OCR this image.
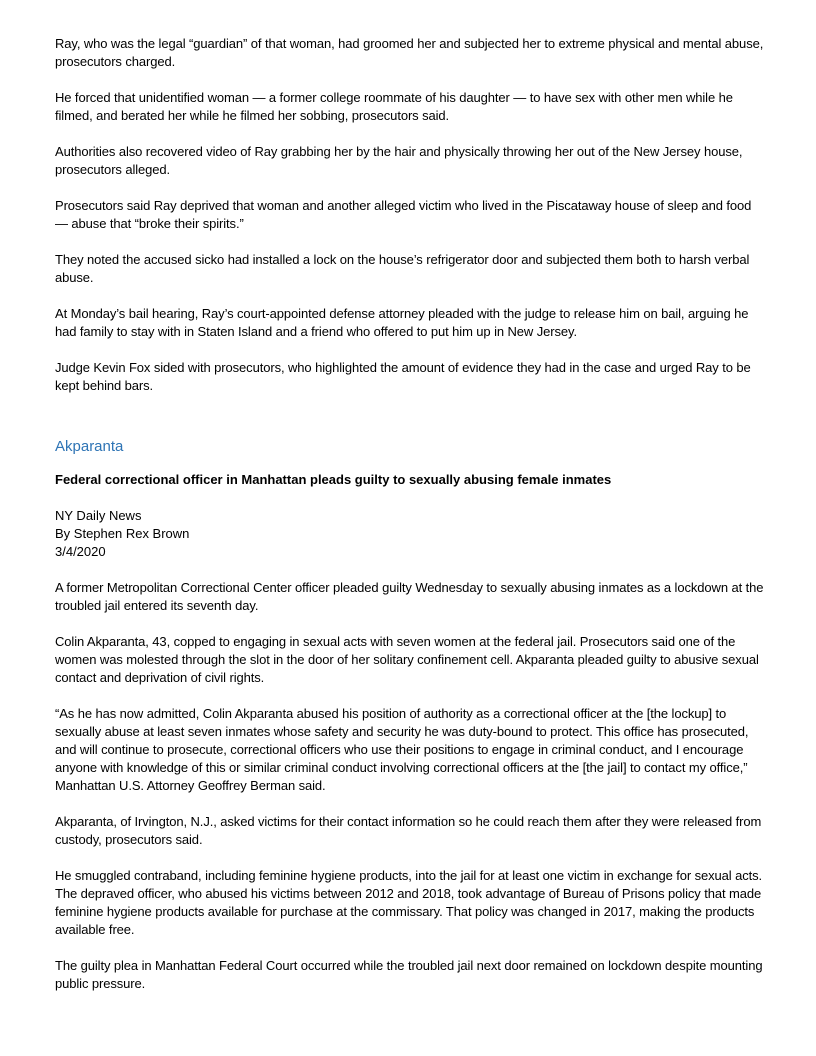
Ray, who was the legal “guardian” of that woman, had groomed her and subjected her to extreme physical and mental abuse, prosecutors charged.

He forced that unidentified woman — a former college roommate of his daughter — to have sex with other men while he filmed, and berated her while he filmed her sobbing, prosecutors said.

Authorities also recovered video of Ray grabbing her by the hair and physically throwing her out of the New Jersey house, prosecutors alleged.

Prosecutors said Ray deprived that woman and another alleged victim who lived in the Piscataway house of sleep and food — abuse that “broke their spirits.”

They noted the accused sicko had installed a lock on the house’s refrigerator door and subjected them both to harsh verbal abuse.

At Monday’s bail hearing, Ray’s court-appointed defense attorney pleaded with the judge to release him on bail, arguing he had family to stay with in Staten Island and a friend who offered to put him up in New Jersey.

Judge Kevin Fox sided with prosecutors, who highlighted the amount of evidence they had in the case and urged Ray to be kept behind bars.

Akparanta
Federal correctional officer in Manhattan pleads guilty to sexually abusing female inmates
NY Daily News
By Stephen Rex Brown
3/4/2020

A former Metropolitan Correctional Center officer pleaded guilty Wednesday to sexually abusing inmates as a lockdown at the troubled jail entered its seventh day.

Colin Akparanta, 43, copped to engaging in sexual acts with seven women at the federal jail. Prosecutors said one of the women was molested through the slot in the door of her solitary confinement cell. Akparanta pleaded guilty to abusive sexual contact and deprivation of civil rights.

“As he has now admitted, Colin Akparanta abused his position of authority as a correctional officer at the [the lockup] to sexually abuse at least seven inmates whose safety and security he was duty-bound to protect. This office has prosecuted, and will continue to prosecute, correctional officers who use their positions to engage in criminal conduct, and I encourage anyone with knowledge of this or similar criminal conduct involving correctional officers at the [the jail] to contact my office,” Manhattan U.S. Attorney Geoffrey Berman said.

Akparanta, of Irvington, N.J., asked victims for their contact information so he could reach them after they were released from custody, prosecutors said.

He smuggled contraband, including feminine hygiene products, into the jail for at least one victim in exchange for sexual acts. The depraved officer, who abused his victims between 2012 and 2018, took advantage of Bureau of Prisons policy that made feminine hygiene products available for purchase at the commissary. That policy was changed in 2017, making the products available free.

The guilty plea in Manhattan Federal Court occurred while the troubled jail next door remained on lockdown despite mounting public pressure.
